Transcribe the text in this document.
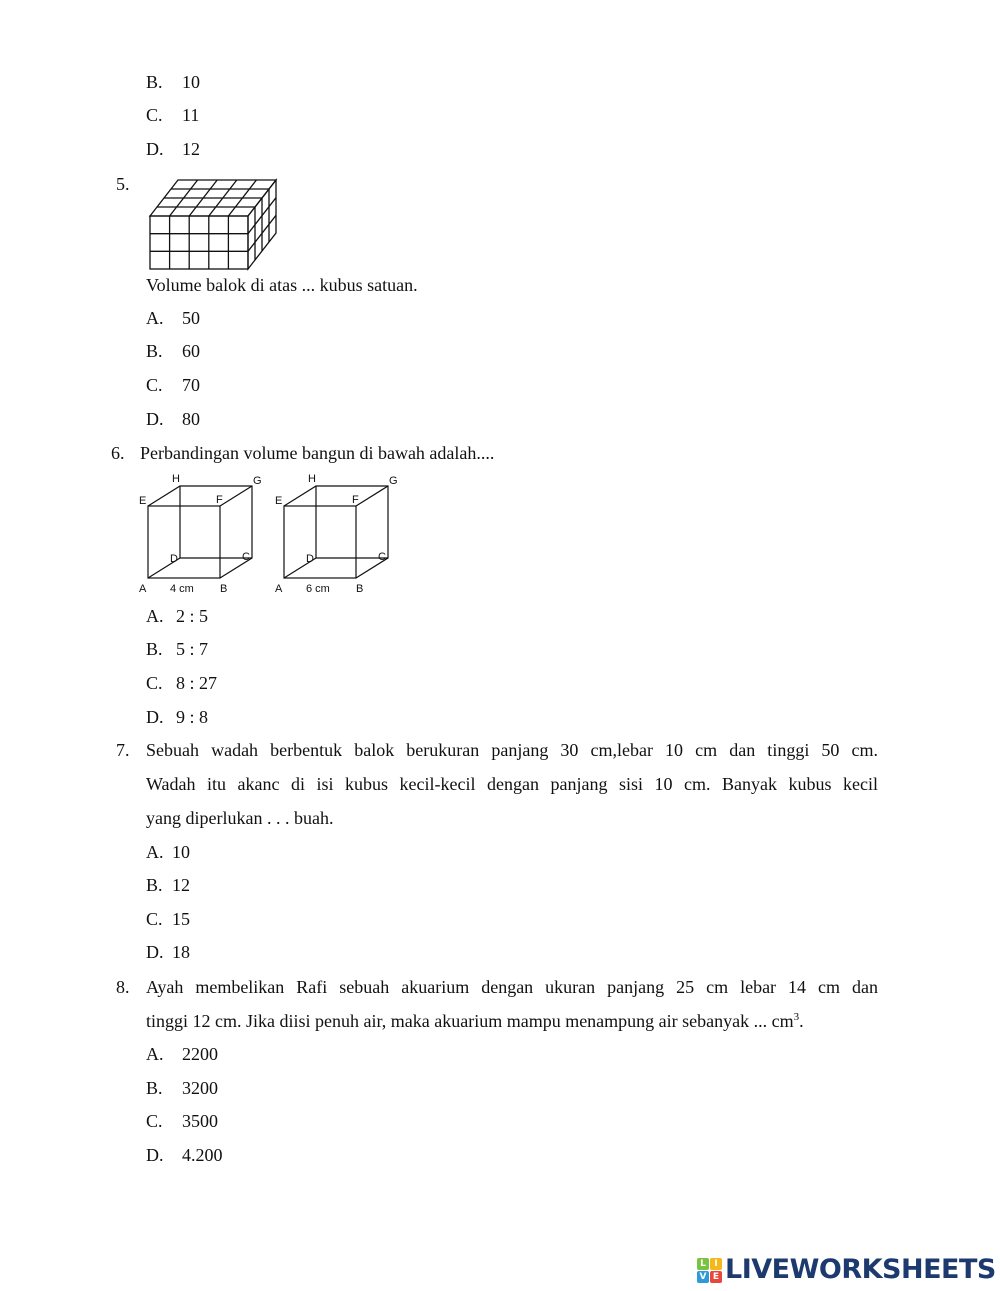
B. 10
C. 11
D. 12
5.
Volume balok di atas ... kubus satuan.
A. 50
B. 60
C. 70
D. 80
6. Perbandingan volume bangun di bawah adalah....
H	G
E	F
D	C
A	B
4 cm
H	G
E	F
D	C
A	B
6 cm
A. 2 : 5
B. 5 : 7
C. 8 : 27
D. 9 : 8
7. Sebuah wadah berbentuk balok berukuran panjang 30 cm,lebar 10 cm dan tinggi 50 cm.
Wadah itu akanc di isi kubus kecil-kecil dengan panjang sisi 10 cm. Banyak kubus kecil
yang diperlukan . . . buah.
A. 10
B. 12
C. 15
D. 18
8. Ayah membelikan Rafi sebuah akuarium dengan ukuran panjang 25 cm lebar 14 cm dan
tinggi 12 cm. Jika diisi penuh air, maka akuarium mampu menampung air sebanyak ... $cm^3$.
A. 2200
B. 3200
C. 3500
D. 4.200
L I
V E LIVEWORKSHEETS
